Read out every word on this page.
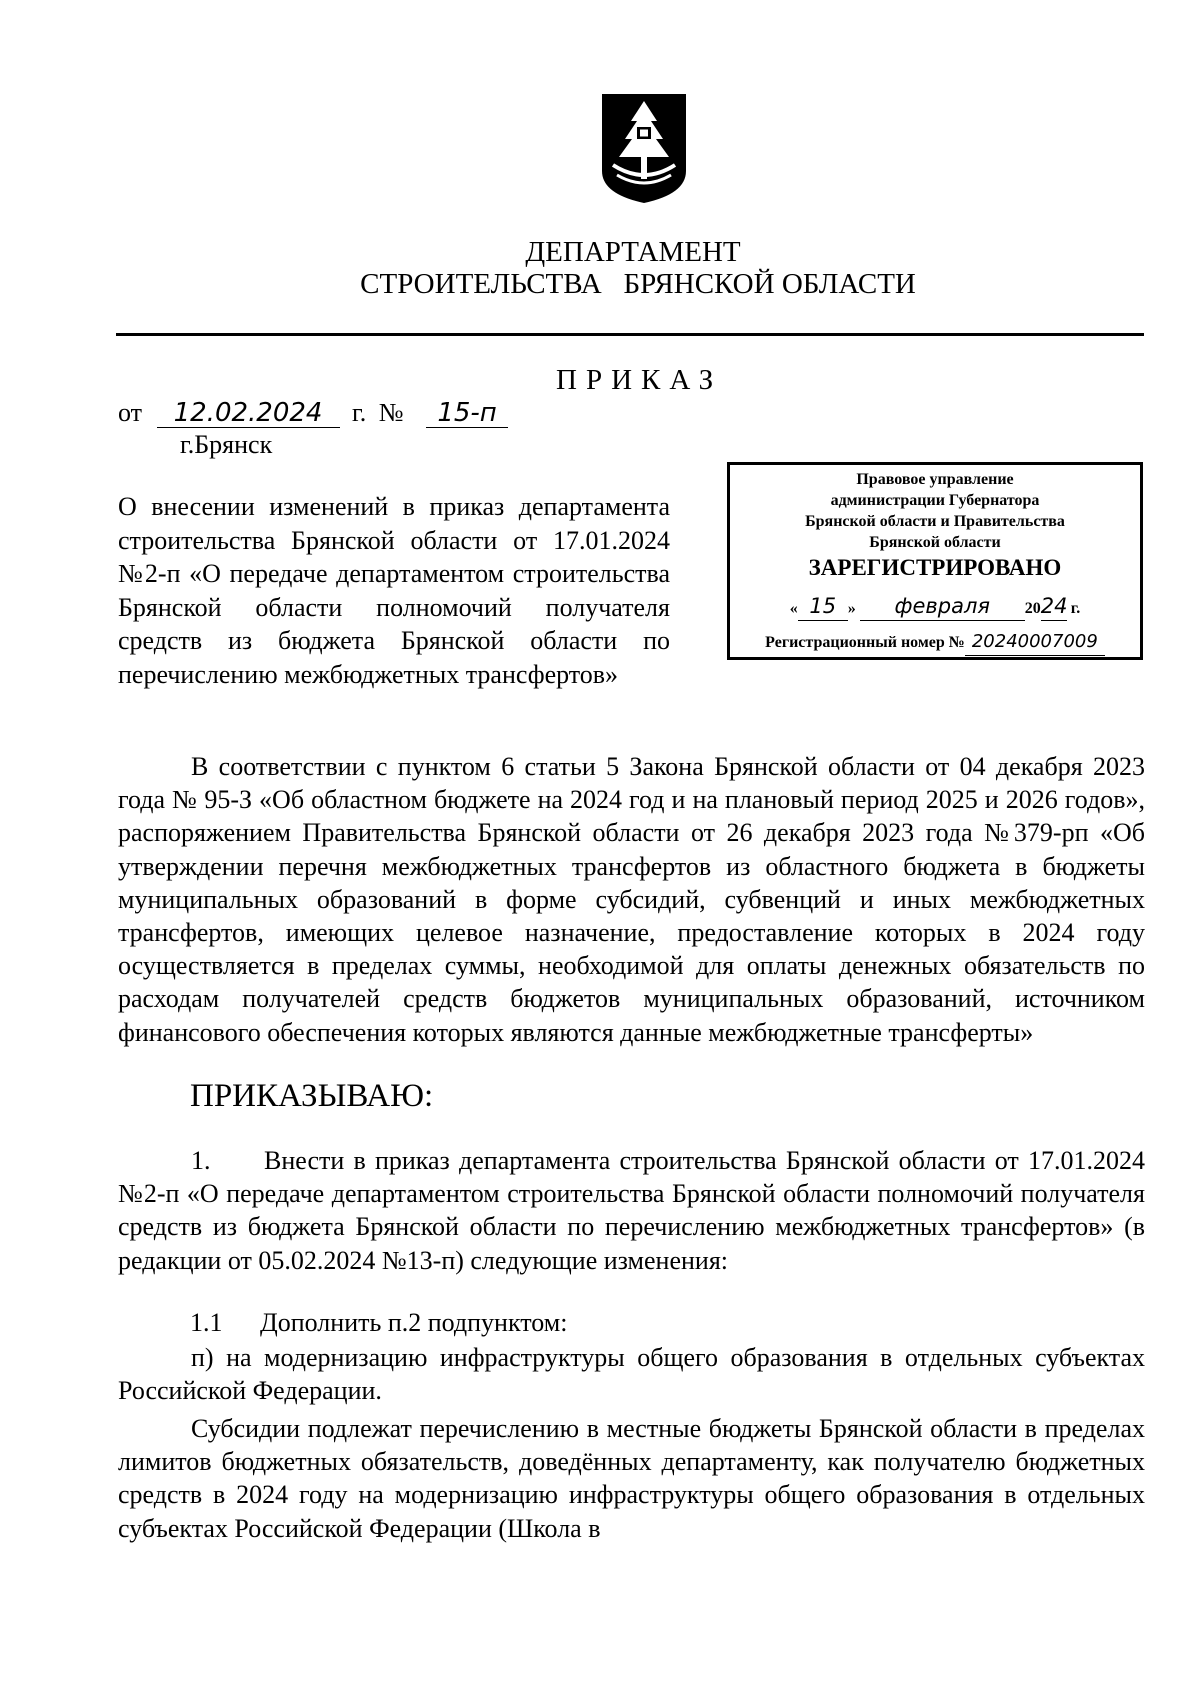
ДЕПАРТАМЕНТ
СТРОИТЕЛЬСТВА   БРЯНСКОЙ ОБЛАСТИ
ПРИКАЗ
от 12.02.2024 г. № 15-п
г.Брянск
О внесении изменений в приказ департамента строительства Брянской области от 17.01.2024 №2-п «О передаче департаментом строительства Брянской области полномочий получателя средств из бюджета Брянской области по перечислению межбюджетных трансфертов»
Правовое управление
администрации Губернатора
Брянской области и Правительства
Брянской области
ЗАРЕГИСТРИРОВАНО
« 15 » февраля 2024 г.
Регистрационный номер № 20240007009
В соответствии с пунктом 6 статьи 5 Закона Брянской области от 04 декабря 2023 года № 95-З «Об областном бюджете на 2024 год и на плановый период 2025 и 2026 годов», распоряжением Правительства Брянской области от 26 декабря 2023 года №379-рп «Об утверждении перечня межбюджетных трансфертов из областного бюджета в бюджеты муниципальных образований в форме субсидий, субвенций и иных межбюджетных трансфертов, имеющих целевое назначение, предоставление которых в 2024 году осуществляется в пределах суммы, необходимой для оплаты денежных обязательств по расходам получателей средств бюджетов муниципальных образований, источником финансового обеспечения которых являются данные межбюджетные трансферты»
ПРИКАЗЫВАЮ:
1. Внести в приказ департамента строительства Брянской области от 17.01.2024 №2-п «О передаче департаментом строительства Брянской области полномочий получателя средств из бюджета Брянской области по перечислению межбюджетных трансфертов» (в редакции от 05.02.2024 №13-п) следующие изменения:
1.1 Дополнить п.2 подпунктом:
п) на модернизацию инфраструктуры общего образования в отдельных субъектах Российской Федерации.
Субсидии подлежат перечислению в местные бюджеты Брянской области в пределах лимитов бюджетных обязательств, доведённых департаменту, как получателю бюджетных средств в 2024 году на модернизацию инфраструктуры общего образования в отдельных субъектах Российской Федерации (Школа в
